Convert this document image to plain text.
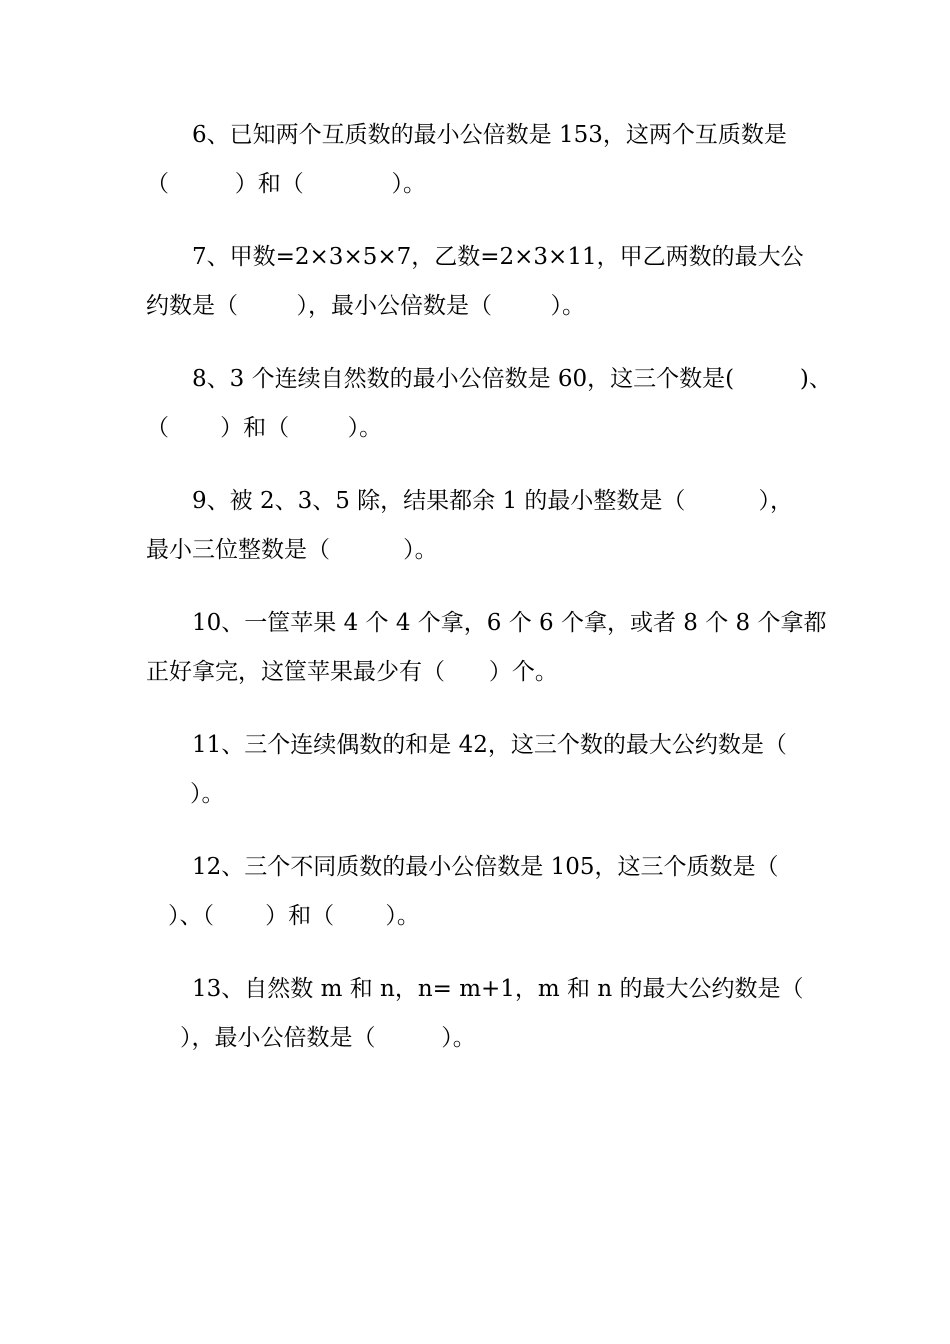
6、已知两个互质数的最小公倍数是 153，这两个互质数是
（         ）和（            ）。
7、甲数=2×3×5×7，乙数=2×3×11，甲乙两数的最大公
约数是（        ），最小公倍数是（        ）。
8、3 个连续自然数的最小公倍数是 60，这三个数是(         )、
（       ）和（        ）。
9、被 2、3、5 除，结果都余 1 的最小整数是（          ），
最小三位整数是（          ）。
10、一筐苹果 4 个 4 个拿，6 个 6 个拿，或者 8 个 8 个拿都
正好拿完，这筐苹果最少有（      ）个。
11、三个连续偶数的和是 42，这三个数的最大公约数是（
）。
12、三个不同质数的最小公倍数是 105，这三个质数是（
）、（       ）和（       ）。
13、自然数 m 和 n，n= m+1，m 和 n 的最大公约数是（
），最小公倍数是（         ）。
